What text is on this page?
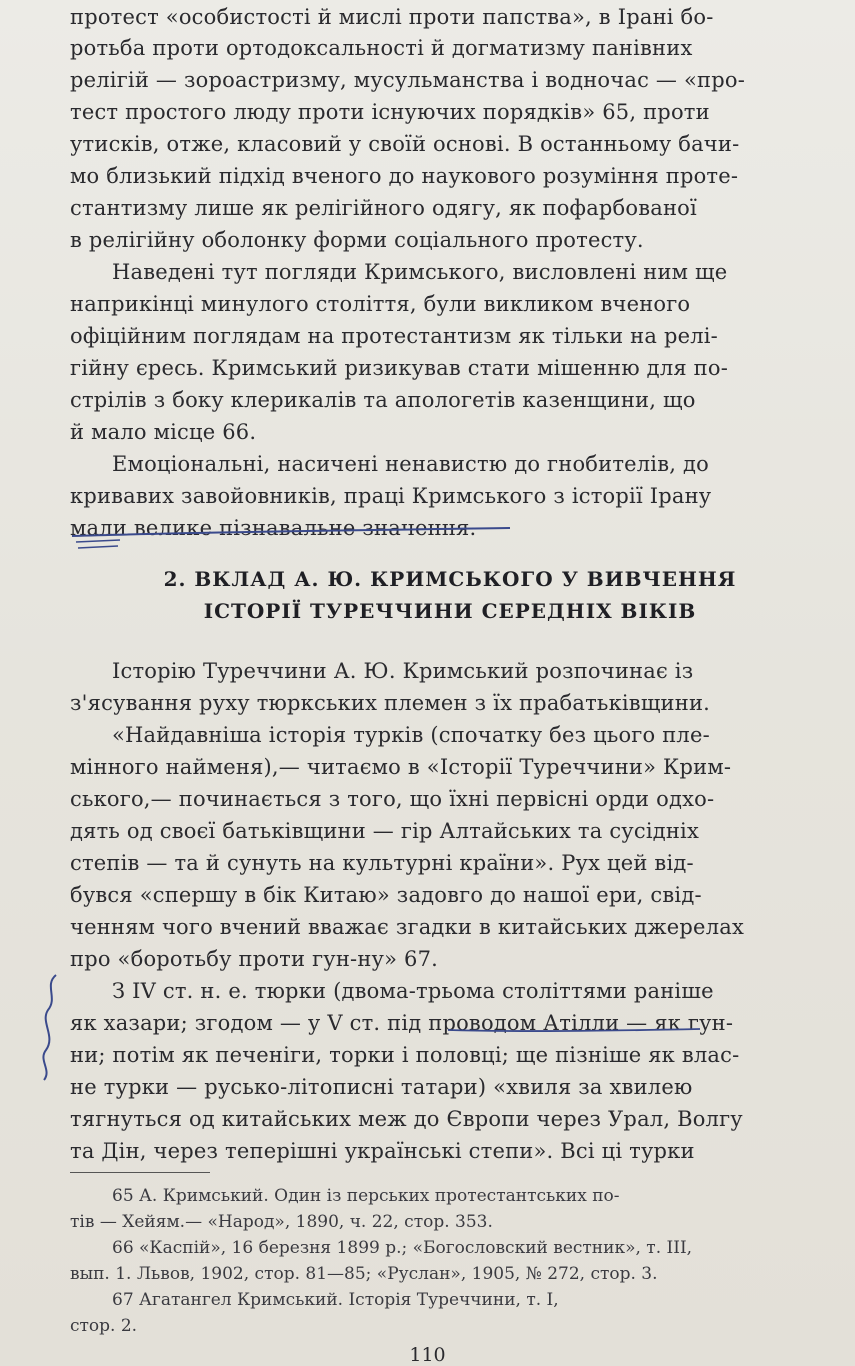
протест «особистості й мислі проти папства», в Ірані бо-
ротьба проти ортодоксальності й догматизму панівних
релігій — зороастризму, мусульманства і водночас — «про-
тест простого люду проти існуючих порядків» 65, проти
утисків, отже, класовий у своїй основі. В останньому бачи-
мо близький підхід вченого до наукового розуміння проте-
стантизму лише як релігійного одягу, як пофарбованої
в релігійну оболонку форми соціального протесту.
Наведені тут погляди Кримського, висловлені ним ще
наприкінці минулого століття, були викликом вченого
офіційним поглядам на протестантизм як тільки на релі-
гійну єресь. Кримський ризикував стати мішенню для по-
стрілів з боку клерикалів та апологетів казенщини, що
й мало місце 66.
Емоціональні, насичені ненавистю до гнобителів, до
кривавих завойовників, праці Кримського з історії Ірану
мали велике пізнавальне значення.
2. ВКЛАД А. Ю. КРИМСЬКОГО У ВИВЧЕННЯ
ІСТОРІЇ ТУРЕЧЧИНИ СЕРЕДНІХ ВІКІВ
Історію Туреччини А. Ю. Кримський розпочинає із
з'ясування руху тюркських племен з їх прабатьківщини.
«Найдавніша історія турків (спочатку без цього пле-
мінного найменя),— читаємо в «Історії Туреччини» Крим-
ського,— починається з того, що їхні первісні орди одхо-
дять од своєї батьківщини — гір Алтайських та сусідніх
степів — та й сунуть на культурні країни». Рух цей від-
бувся «спершу в бік Китаю» задовго до нашої ери, свід-
ченням чого вчений вважає згадки в китайських джерелах
про «боротьбу проти гун-ну» 67.
З IV ст. н. е. тюрки (двома-трьома століттями раніше
як хазари; згодом — у V ст. під проводом Атілли — як гун-
ни; потім як печеніги, торки і половці; ще пізніше як влас-
не турки — русько-літописні татари) «хвиля за хвилею
тягнуться од китайських меж до Європи через Урал, Волгу
та Дін, через теперішні українські степи». Всі ці турки
65 А. Кримський. Один із перських протестантських по-
тів — Хейям.— «Народ», 1890, ч. 22, стор. 353.
66 «Каспій», 16 березня 1899 р.; «Богословский вестник», т. III,
вып. 1. Львов, 1902, стор. 81—85; «Руслан», 1905, № 272, стор. 3.
67 Агатангел Кримський. Історія Туреччини, т. I,
стор. 2.
110
